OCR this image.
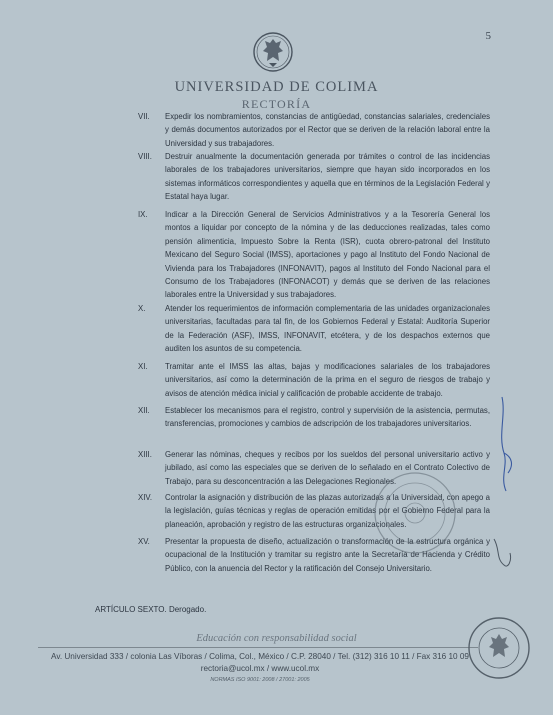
5
UNIVERSIDAD DE COLIMA
RECTORÍA
VII.	Expedir los nombramientos, constancias de antigüedad, constancias salariales, credenciales y demás documentos autorizados por el Rector que se deriven de la relación laboral entre la Universidad y sus trabajadores.
VIII.	Destruir anualmente la documentación generada por trámites o control de las incidencias laborales de los trabajadores universitarios, siempre que hayan sido incorporados en los sistemas informáticos correspondientes y aquella que en términos de la Legislación Federal y Estatal haya lugar.
IX.	Indicar a la Dirección General de Servicios Administrativos y a la Tesorería General los montos a liquidar por concepto de la nómina y de las deducciones realizadas, tales como pensión alimenticia, Impuesto Sobre la Renta (ISR), cuota obrero-patronal del Instituto Mexicano del Seguro Social (IMSS), aportaciones y pago al Instituto del Fondo Nacional de Vivienda para los Trabajadores (INFONAVIT), pagos al Instituto del Fondo Nacional para el Consumo de los Trabajadores (INFONACOT) y demás que se deriven de las relaciones laborales entre la Universidad y sus trabajadores.
X.	Atender los requerimientos de información complementaria de las unidades organizacionales universitarias, facultadas para tal fin, de los Gobiernos Federal y Estatal: Auditoría Superior de la Federación (ASF), IMSS, INFONAVIT, etcétera, y de los despachos externos que auditen los asuntos de su competencia.
XI.	Tramitar ante el IMSS las altas, bajas y modificaciones salariales de los trabajadores universitarios, así como la determinación de la prima en el seguro de riesgos de trabajo y avisos de atención médica inicial y calificación de probable accidente de trabajo.
XII.	Establecer los mecanismos para el registro, control y supervisión de la asistencia, permutas, transferencias, promociones y cambios de adscripción de los trabajadores universitarios.
XIII.	Generar las nóminas, cheques y recibos por los sueldos del personal universitario activo y jubilado, así como las especiales que se deriven de lo señalado en el Contrato Colectivo de Trabajo, para su desconcentración a las Delegaciones Regionales.
XIV.	Controlar la asignación y distribución de las plazas autorizadas a la Universidad, con apego a la legislación, guías técnicas y reglas de operación emitidas por el Gobierno Federal para la planeación, aprobación y registro de las estructuras organizacionales.
XV.	Presentar la propuesta de diseño, actualización o transformación de la estructura orgánica y ocupacional de la Institución y tramitar su registro ante la Secretaría de Hacienda y Crédito Público, con la anuencia del Rector y la ratificación del Consejo Universitario.
ARTÍCULO SEXTO. Derogado.
Educación con responsabilidad social
Av. Universidad 333 / colonia Las Víboras / Colima, Col., México / C.P. 28040 / Tel. (312) 316 10 11 / Fax 316 10 09
rectoria@ucol.mx / www.ucol.mx
NORMAS ISO 9001: 2008 / 27001: 2005
